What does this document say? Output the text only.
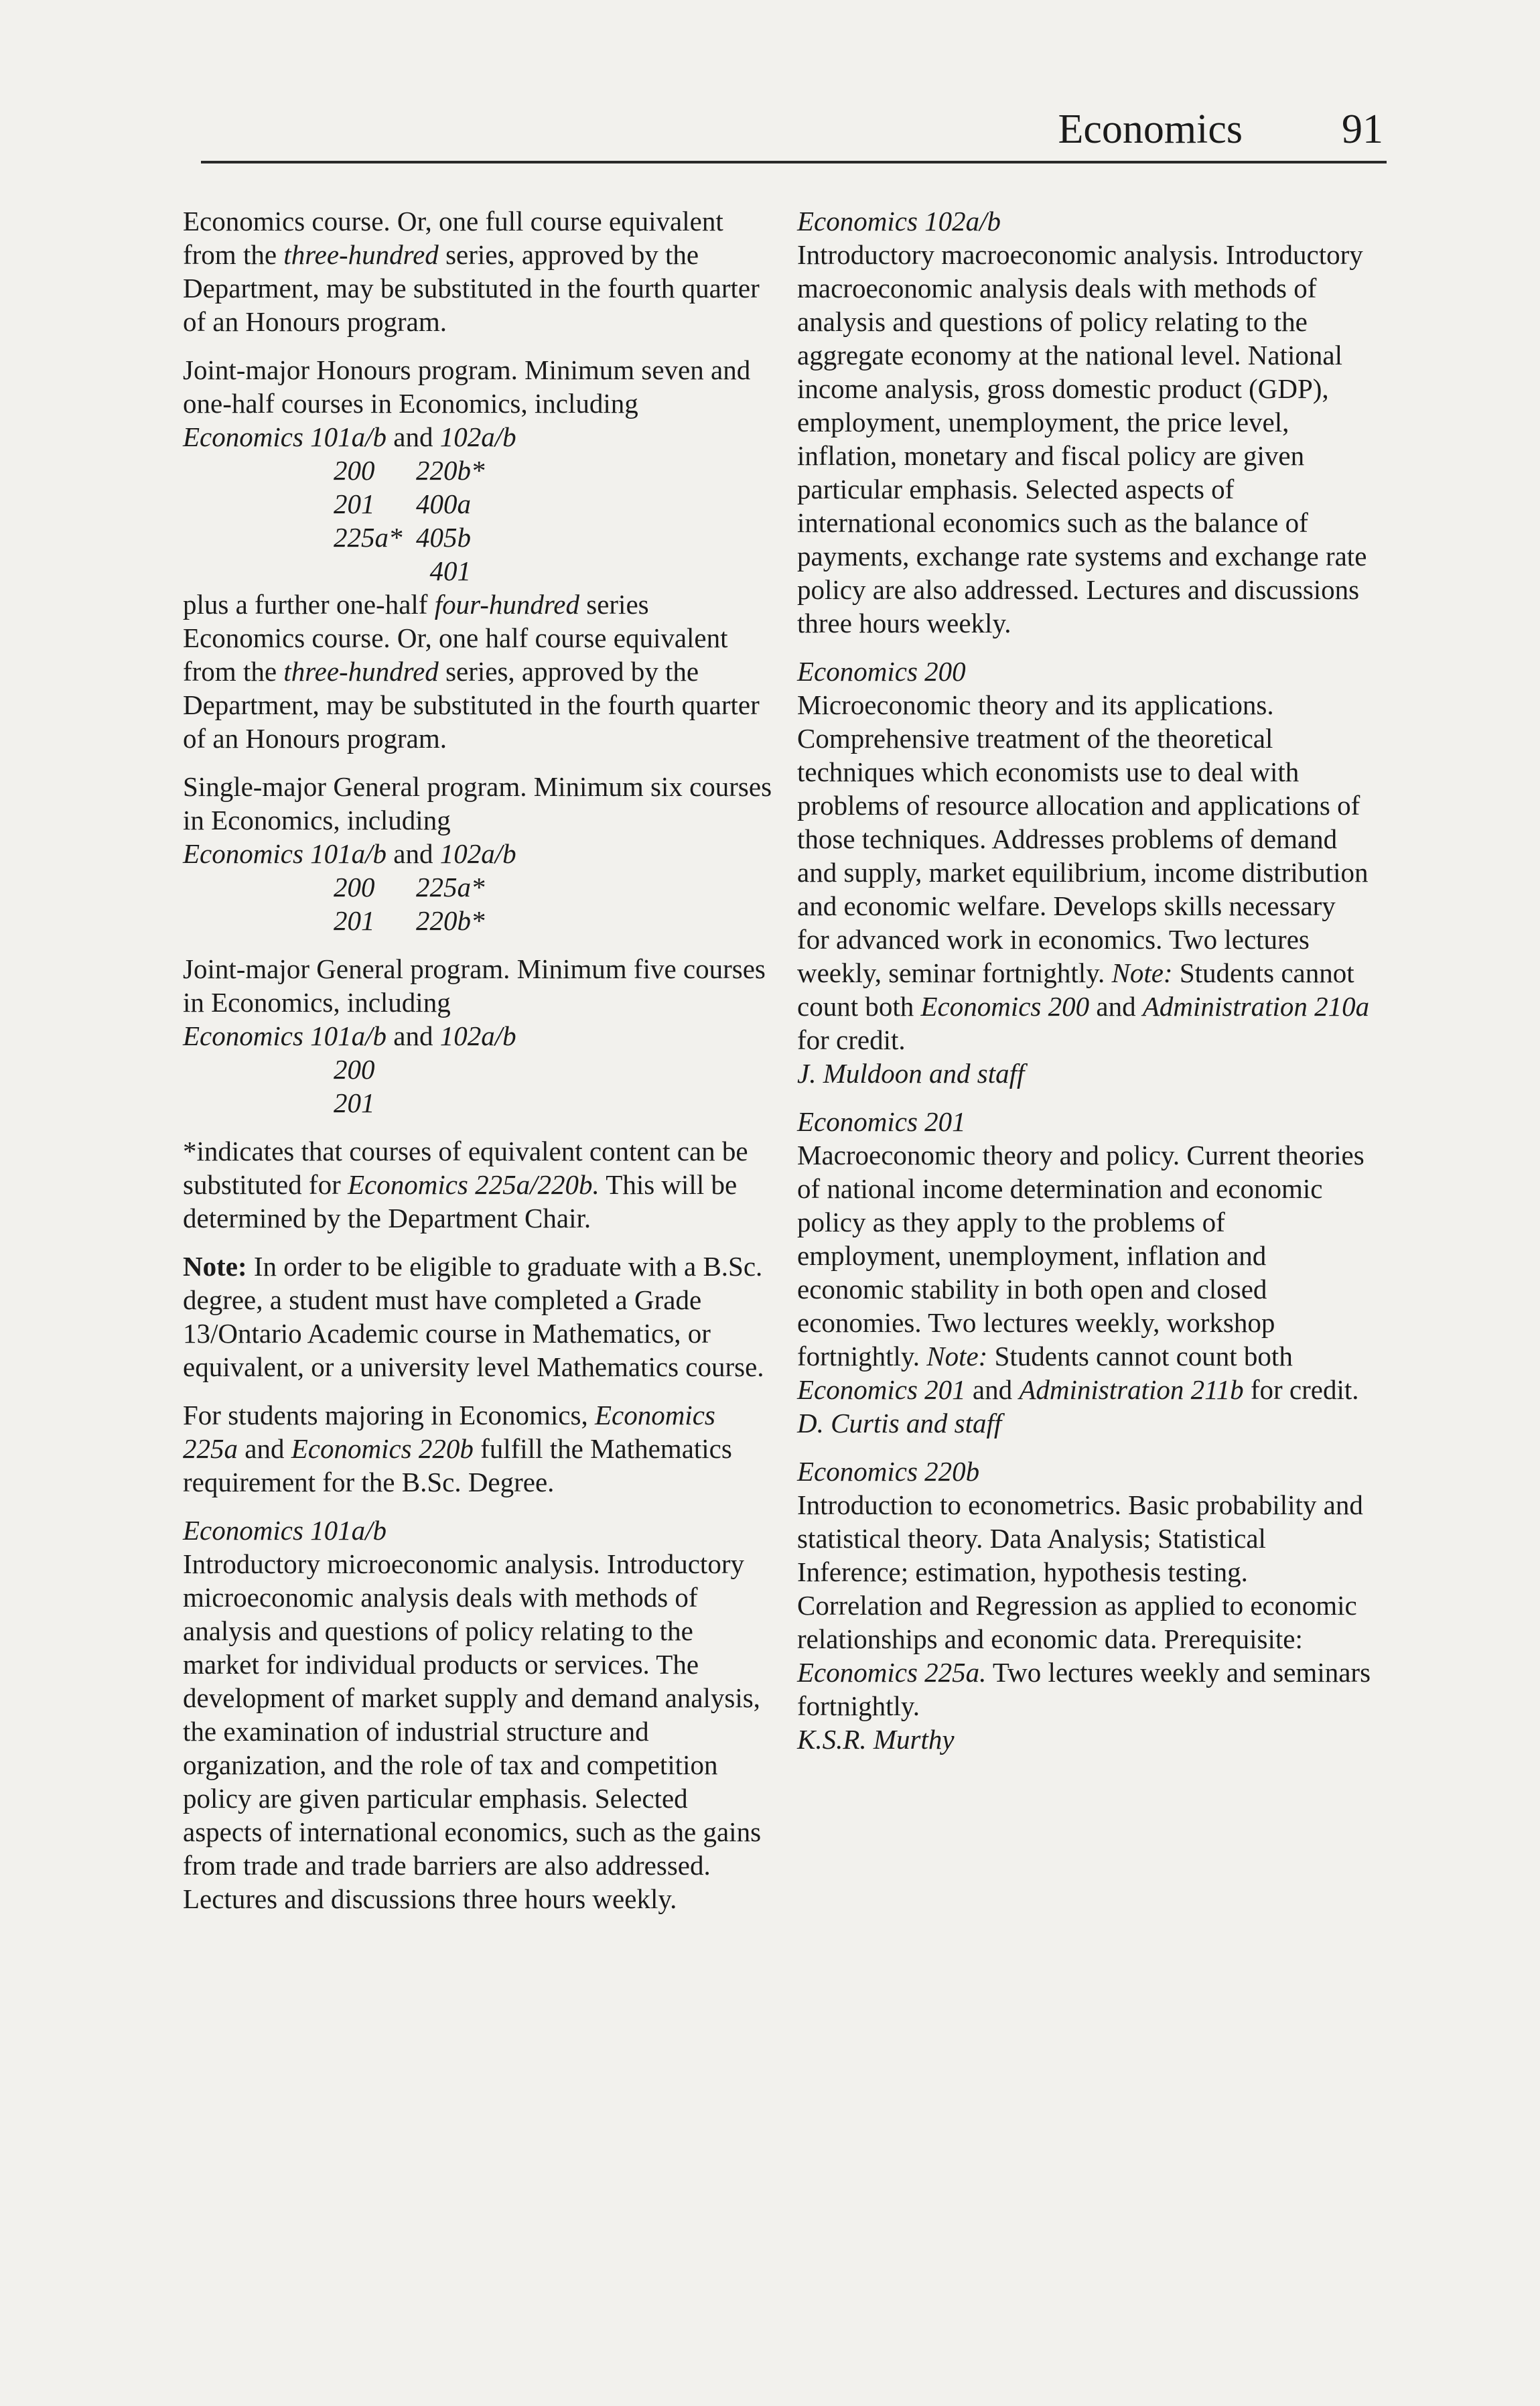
Economics 91

Economics course. Or, one full course equivalent from the three-hundred series, approved by the Department, may be substituted in the fourth quarter of an Honours program.

Joint-major Honours program. Minimum seven and one-half courses in Economics, including
Economics 101a/b and 102a/b
200      220b*
201      400a
225a*  405b
401
plus a further one-half four-hundred series Economics course. Or, one half course equivalent from the three-hundred series, approved by the Department, may be substituted in the fourth quarter of an Honours program.
Single-major General program. Minimum six courses in Economics, including
Economics 101a/b and 102a/b
200      225a*
201      220b*
Joint-major General program. Minimum five courses in Economics, including
Economics 101a/b and 102a/b
200
201

*indicates that courses of equivalent content can be substituted for Economics 225a/220b. This will be determined by the Department Chair.

Note: In order to be eligible to graduate with a B.Sc. degree, a student must have completed a Grade 13/Ontario Academic course in Mathematics, or equivalent, or a university level Mathematics course.

For students majoring in Economics, Economics 225a and Economics 220b fulfill the Mathematics requirement for the B.Sc. Degree.

Economics 101a/b

Introductory microeconomic analysis. Introductory microeconomic analysis deals with methods of analysis and questions of policy relating to the market for individual products or services. The development of market supply and demand analysis, the examination of industrial structure and organization, and the role of tax and competition policy are given particular emphasis. Selected aspects of international economics, such as the gains from trade and trade barriers are also addressed. Lectures and discussions three hours weekly.

Economics 102a/b

Introductory macroeconomic analysis. Introductory macroeconomic analysis deals with methods of analysis and questions of policy relating to the aggregate economy at the national level. National income analysis, gross domestic product (GDP), employment, unemployment, the price level, inflation, monetary and fiscal policy are given particular emphasis. Selected aspects of international economics such as the balance of payments, exchange rate systems and exchange rate policy are also addressed. Lectures and discussions three hours weekly.

Economics 200

Microeconomic theory and its applications. Comprehensive treatment of the theoretical techniques which economists use to deal with problems of resource allocation and applications of those techniques. Addresses problems of demand and supply, market equilibrium, income distribution and economic welfare. Develops skills necessary for advanced work in economics. Two lectures weekly, seminar fortnightly. Note: Students cannot count both Economics 200 and Administration 210a for credit.

J. Muldoon and staff

Economics 201

Macroeconomic theory and policy. Current theories of national income determination and economic policy as they apply to the problems of employment, unemployment, inflation and economic stability in both open and closed economies. Two lectures weekly, workshop fortnightly. Note: Students cannot count both Economics 201 and Administration 211b for credit.

D. Curtis and staff

Economics 220b

Introduction to econometrics. Basic probability and statistical theory. Data Analysis; Statistical Inference; estimation, hypothesis testing. Correlation and Regression as applied to economic relationships and economic data. Prerequisite: Economics 225a. Two lectures weekly and seminars fortnightly.

K.S.R. Murthy
